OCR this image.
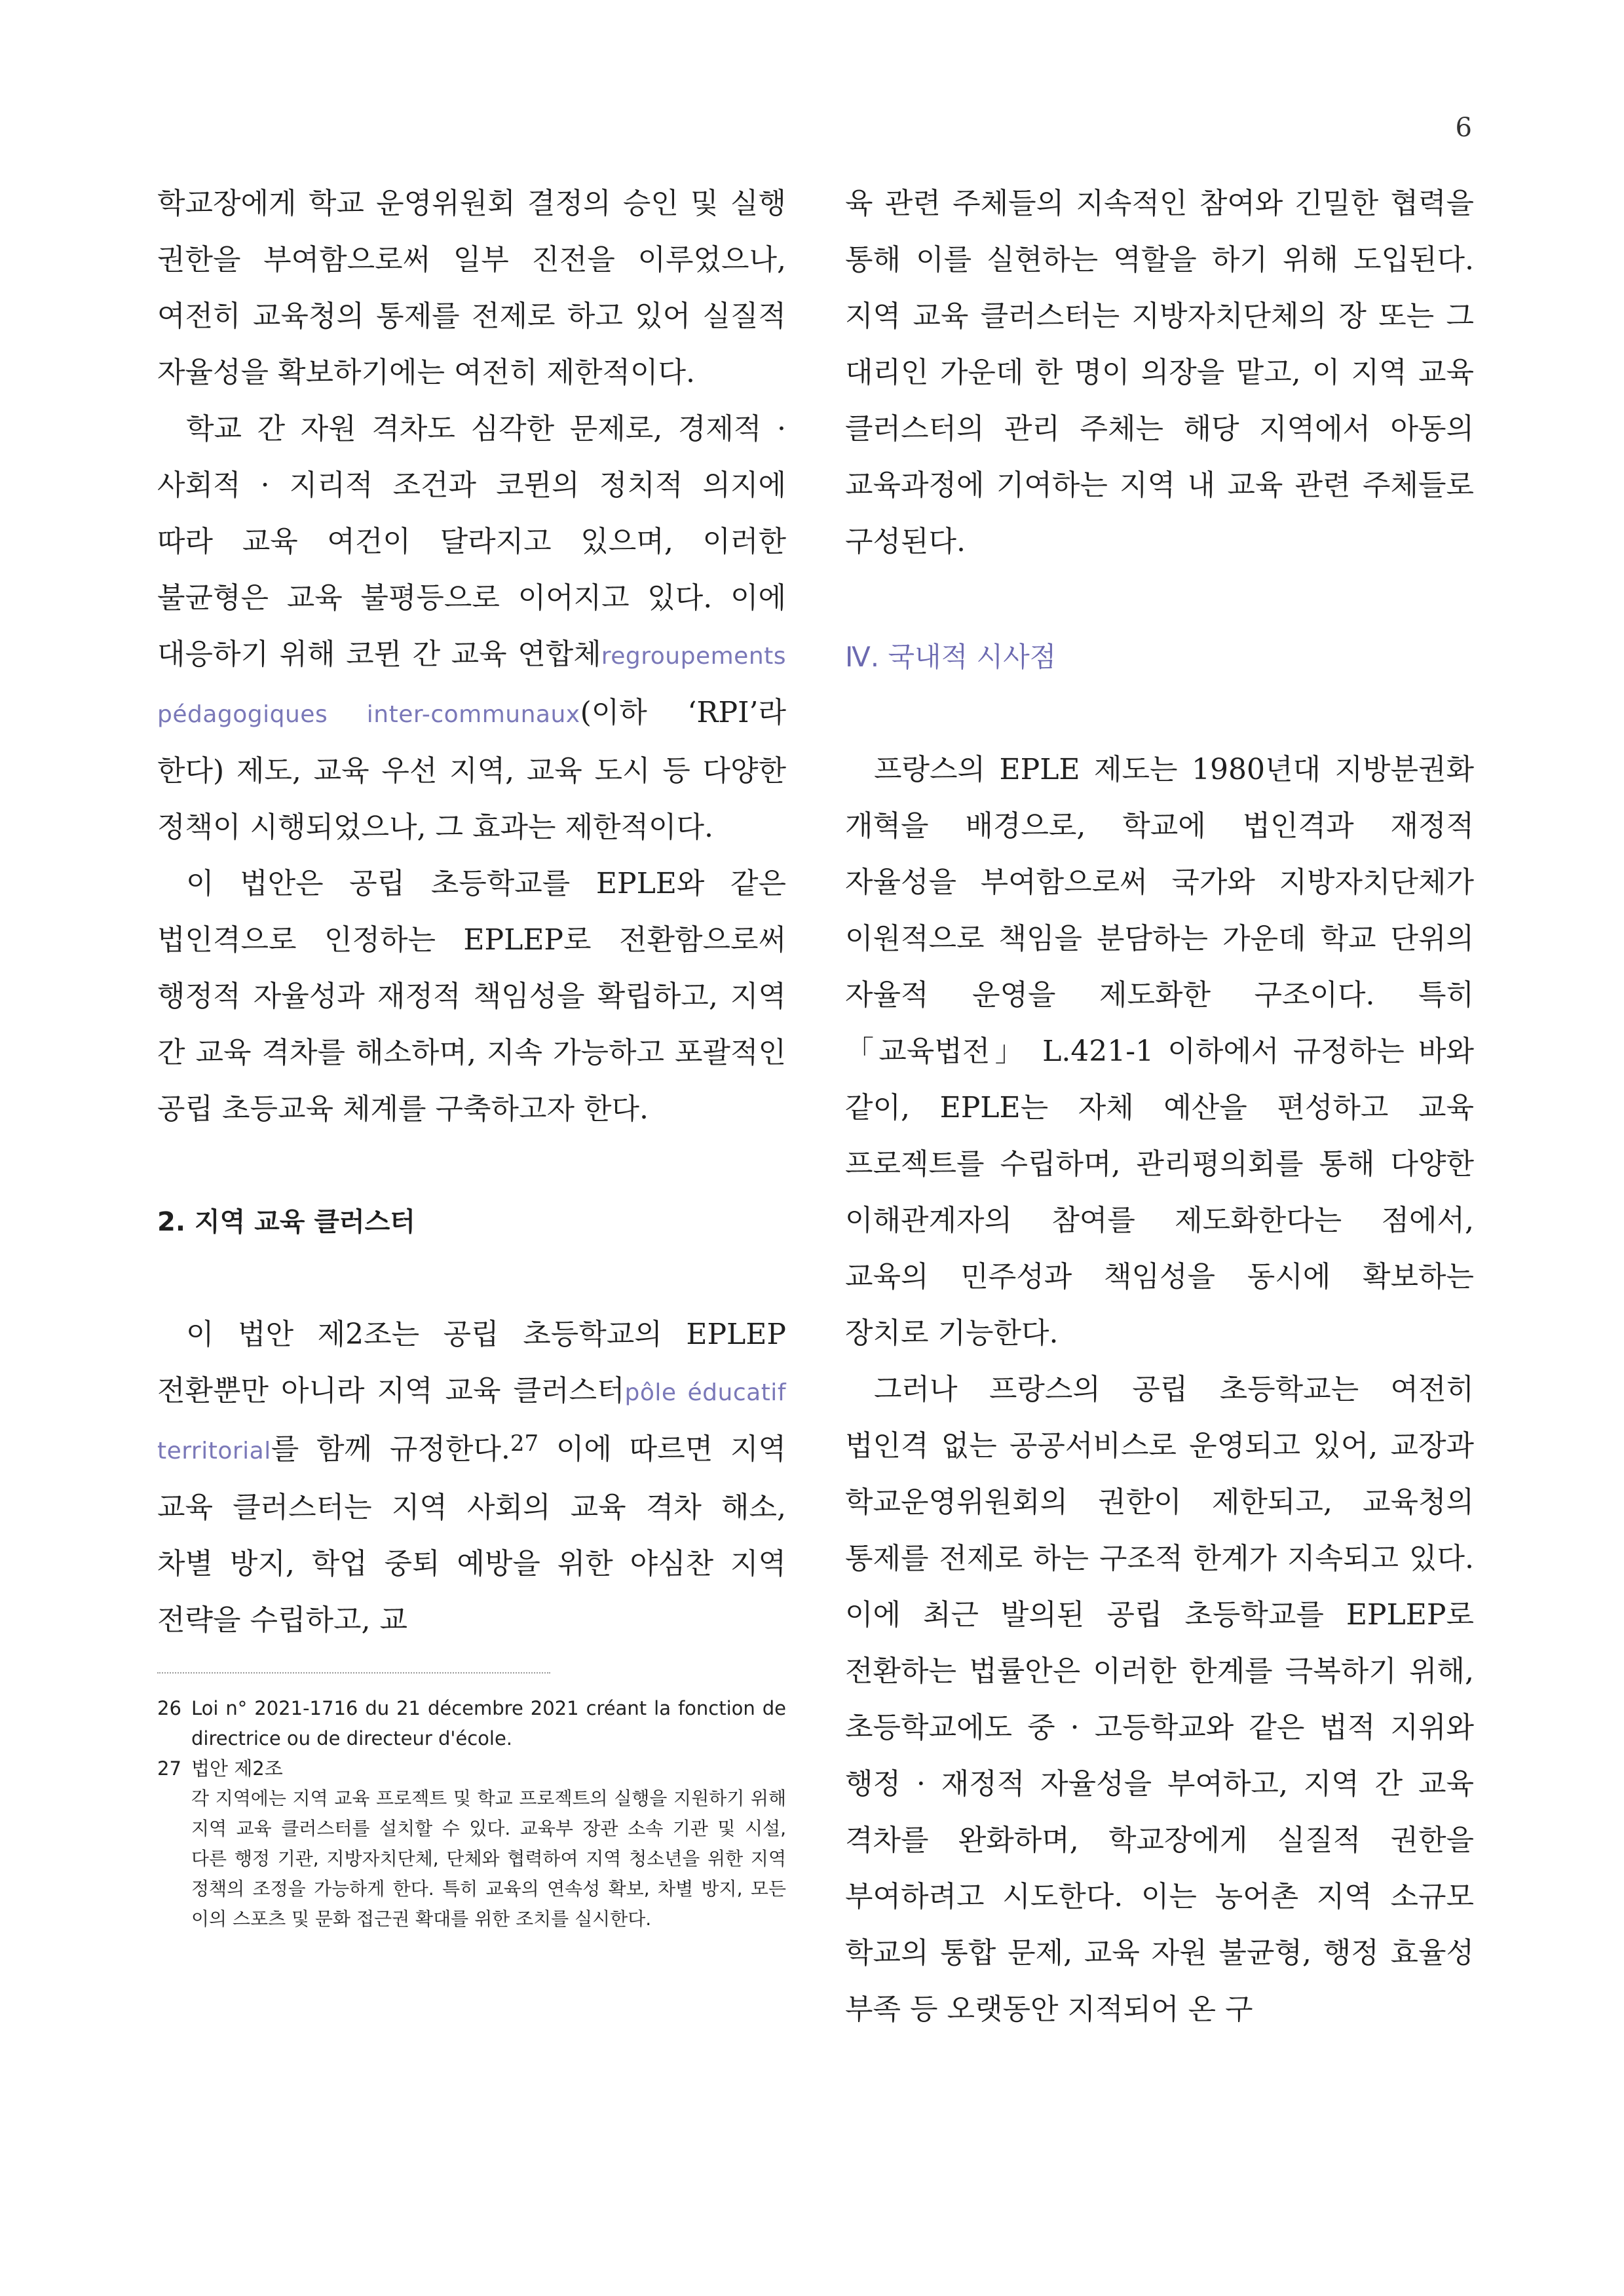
6

학교장에게 학교 운영위원회 결정의 승인 및 실행 권한을 부여함으로써 일부 진전을 이루었으나, 여전히 교육청의 통제를 전제로 하고 있어 실질적 자율성을 확보하기에는 여전히 제한적이다.

학교 간 자원 격차도 심각한 문제로, 경제적 · 사회적 · 지리적 조건과 코뮌의 정치적 의지에 따라 교육 여건이 달라지고 있으며, 이러한 불균형은 교육 불평등으로 이어지고 있다. 이에 대응하기 위해 코뮌 간 교육 연합체regroupements pédagogiques inter-communaux(이하 ‘RPI’라 한다) 제도, 교육 우선 지역, 교육 도시 등 다양한 정책이 시행되었으나, 그 효과는 제한적이다.

이 법안은 공립 초등학교를 EPLE와 같은 법인격으로 인정하는 EPLEP로 전환함으로써 행정적 자율성과 재정적 책임성을 확립하고, 지역 간 교육 격차를 해소하며, 지속 가능하고 포괄적인 공립 초등교육 체계를 구축하고자 한다.

2. 지역 교육 클러스터

이 법안 제2조는 공립 초등학교의 EPLEP 전환뿐만 아니라 지역 교육 클러스터pôle éducatif territorial를 함께 규정한다.$^{27}$ 이에 따르면 지역 교육 클러스터는 지역 사회의 교육 격차 해소, 차별 방지, 학업 중퇴 예방을 위한 야심찬 지역 전략을 수립하고, 교

26 Loi n° 2021-1716 du 21 décembre 2021 créant la fonction de directrice ou de directeur d'école.
27 법안 제2조

각 지역에는 지역 교육 프로젝트 및 학교 프로젝트의 실행을 지원하기 위해 지역 교육 클러스터를 설치할 수 있다. 교육부 장관 소속 기관 및 시설, 다른 행정 기관, 지방자치단체, 단체와 협력하여 지역 청소년을 위한 지역 정책의 조정을 가능하게 한다. 특히 교육의 연속성 확보, 차별 방지, 모든 이의 스포츠 및 문화 접근권 확대를 위한 조치를 실시한다.

육 관련 주체들의 지속적인 참여와 긴밀한 협력을 통해 이를 실현하는 역할을 하기 위해 도입된다. 지역 교육 클러스터는 지방자치단체의 장 또는 그 대리인 가운데 한 명이 의장을 맡고, 이 지역 교육 클러스터의 관리 주체는 해당 지역에서 아동의 교육과정에 기여하는 지역 내 교육 관련 주체들로 구성된다.

Ⅳ. 국내적 시사점

프랑스의 EPLE 제도는 1980년대 지방분권화 개혁을 배경으로, 학교에 법인격과 재정적 자율성을 부여함으로써 국가와 지방자치단체가 이원적으로 책임을 분담하는 가운데 학교 단위의 자율적 운영을 제도화한 구조이다. 특히 「교육법전」 L.421-1 이하에서 규정하는 바와 같이, EPLE는 자체 예산을 편성하고 교육 프로젝트를 수립하며, 관리평의회를 통해 다양한 이해관계자의 참여를 제도화한다는 점에서, 교육의 민주성과 책임성을 동시에 확보하는 장치로 기능한다.

그러나 프랑스의 공립 초등학교는 여전히 법인격 없는 공공서비스로 운영되고 있어, 교장과 학교운영위원회의 권한이 제한되고, 교육청의 통제를 전제로 하는 구조적 한계가 지속되고 있다. 이에 최근 발의된 공립 초등학교를 EPLEP로 전환하는 법률안은 이러한 한계를 극복하기 위해, 초등학교에도 중 · 고등학교와 같은 법적 지위와 행정 · 재정적 자율성을 부여하고, 지역 간 교육 격차를 완화하며, 학교장에게 실질적 권한을 부여하려고 시도한다. 이는 농어촌 지역 소규모 학교의 통합 문제, 교육 자원 불균형, 행정 효율성 부족 등 오랫동안 지적되어 온 구
